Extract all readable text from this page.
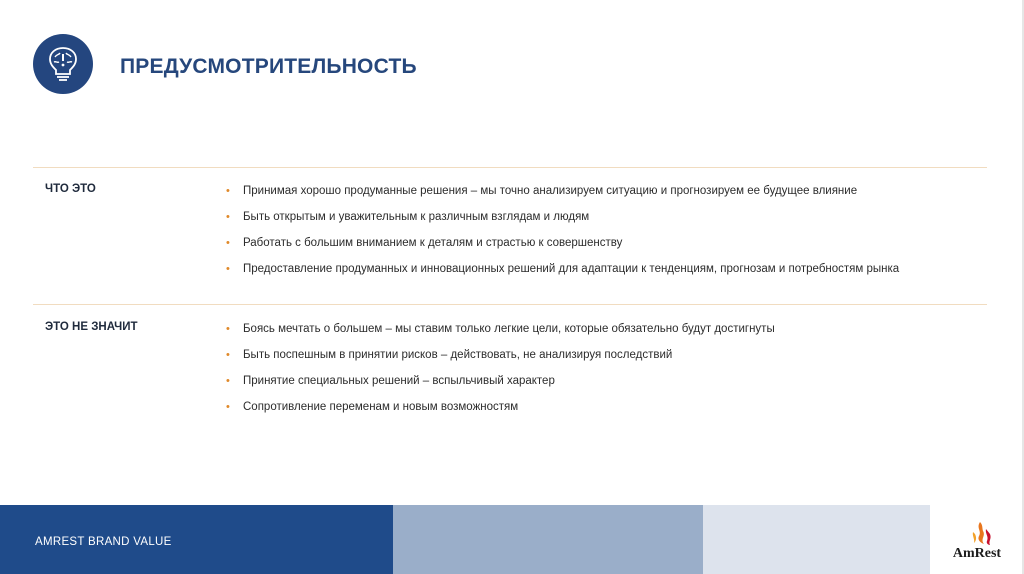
ПРЕДУСМОТРИТЕЛЬНОСТЬ
ЧТО ЭТО	• Принимая хорошо продуманные решения – мы точно анализируем ситуацию и прогнозируем ее будущее влияние
• Быть открытым и уважительным к различным взглядам и людям
• Работать с большим вниманием к деталям и страстью к совершенству
• Предоставление продуманных и инновационных решений для адаптации к тенденциям, прогнозам и потребностям рынка
ЭТО НЕ ЗНАЧИТ	• Боясь мечтать о большем – мы ставим только легкие цели, которые обязательно будут достигнуты
• Быть поспешным в принятии рисков – действовать, не анализируя последствий
• Принятие специальных решений – вспыльчивый характер
• Сопротивление переменам и новым возможностям
AMREST BRAND VALUE
AmRest
